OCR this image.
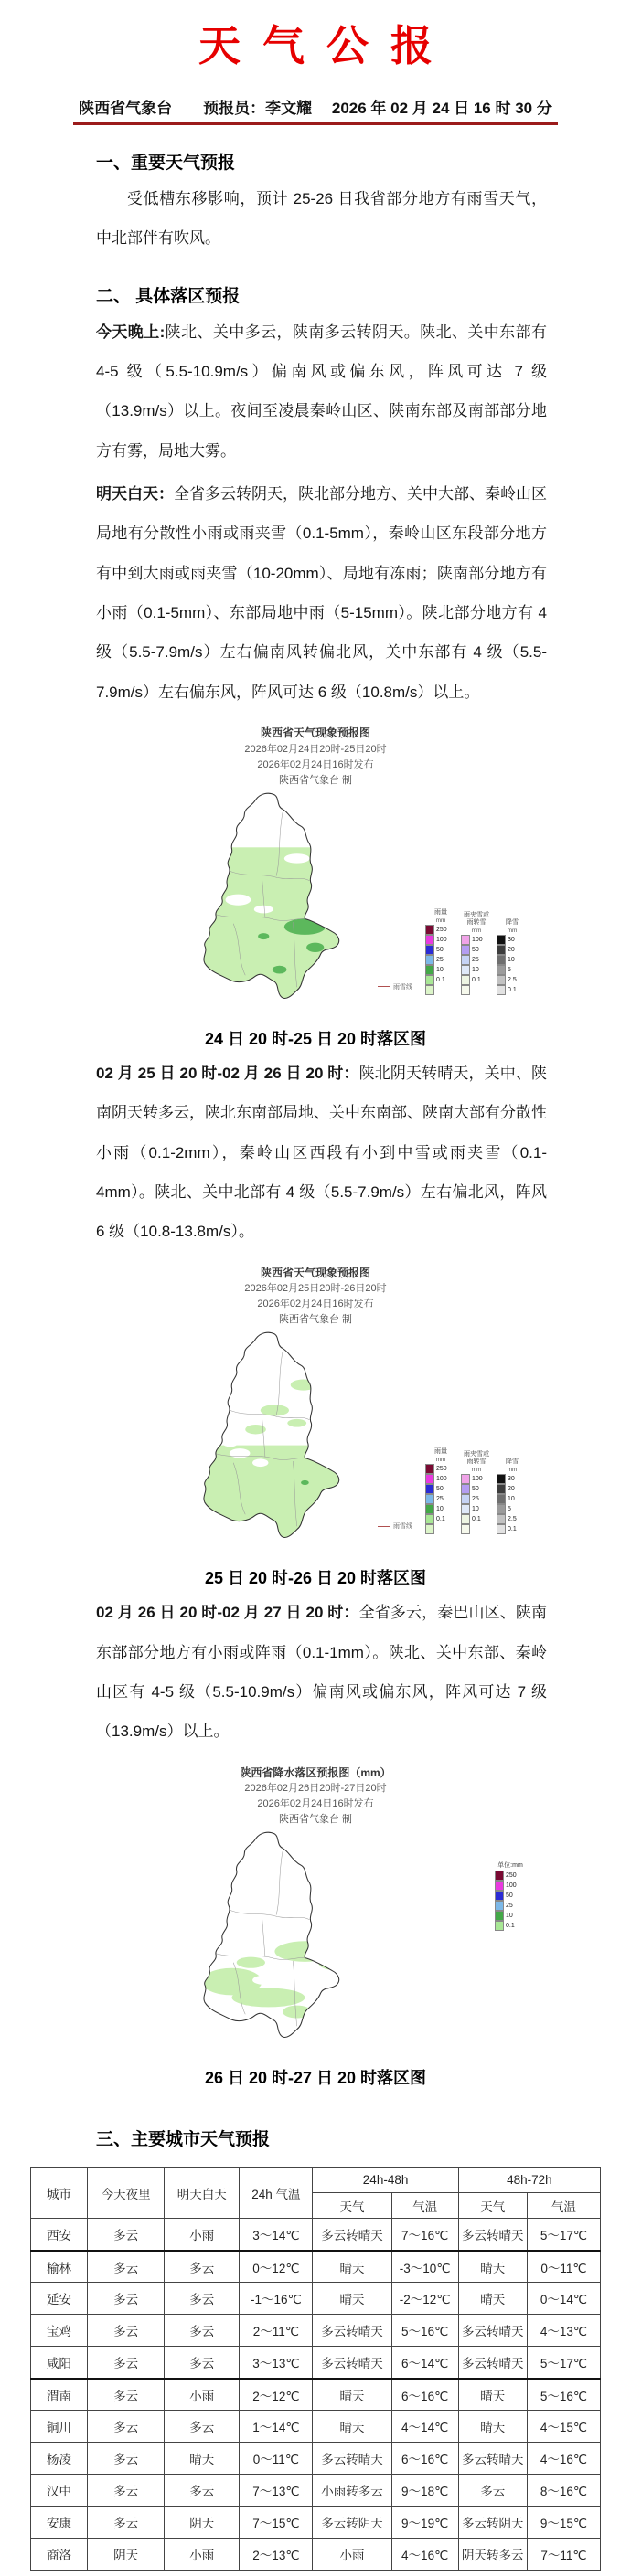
天气公报
陕西省气象台　　预报员：李文耀　 2026 年 02 月 24 日 16 时 30 分
一、重要天气预报

受低槽东移影响，预计 25-26 日我省部分地方有雨雪天气，中北部伴有吹风。

二、 具体落区预报

今天晚上:陕北、关中多云，陕南多云转阴天。陕北、关中东部有 4-5 级（5.5-10.9m/s）偏南风或偏东风，阵风可达 7 级（13.9m/s）以上。夜间至凌晨秦岭山区、陕南东部及南部部分地方有雾，局地大雾。

明天白天：全省多云转阴天，陕北部分地方、关中大部、秦岭山区局地有分散性小雨或雨夹雪（0.1-5mm），秦岭山区东段部分地方有中到大雨或雨夹雪（10-20mm）、局地有冻雨；陕南部分地方有小雨（0.1-5mm）、东部局地中雨（5-15mm）。陕北部分地方有 4 级（5.5-7.9m/s）左右偏南风转偏北风，关中东部有 4 级（5.5-7.9m/s）左右偏东风，阵风可达 6 级（10.8m/s）以上。

陕西省天气现象预报图
2026年02月24日20时-25日20时
2026年02月24日16时发布
陕西省气象台 制
雨雪线
雨量
mm
250
100
50
25
10
0.1
雨夹雪或雨转雪
mm
100
50
25
10
0.1
降雪
mm
30
20
10
5
2.5
0.1
24 日 20 时-25 日 20 时落区图

02 月 25 日 20 时-02 月 26 日 20 时：陕北阴天转晴天，关中、陕南阴天转多云，陕北东南部局地、关中东南部、陕南大部有分散性小雨（0.1-2mm），秦岭山区西段有小到中雪或雨夹雪（0.1-4mm）。陕北、关中北部有 4 级（5.5-7.9m/s）左右偏北风，阵风 6 级（10.8-13.8m/s）。

陕西省天气现象预报图
2026年02月25日20时-26日20时
2026年02月24日16时发布
陕西省气象台 制
雨雪线
雨量
mm
250
100
50
25
10
0.1
雨夹雪或雨转雪
mm
100
50
25
10
0.1
降雪
mm
30
20
10
5
2.5
0.1
25 日 20 时-26 日 20 时落区图

02 月 26 日 20 时-02 月 27 日 20 时：全省多云，秦巴山区、陕南东部部分地方有小雨或阵雨（0.1-1mm）。陕北、关中东部、秦岭山区有 4-5 级（5.5-10.9m/s）偏南风或偏东风，阵风可达 7 级（13.9m/s）以上。

陕西省降水落区预报图（mm）
2026年02月26日20时-27日20时
2026年02月24日16时发布
陕西省气象台 制
单位:mm
250
100
50
25
10
0.1
26 日 20 时-27 日 20 时落区图
三、主要城市天气预报
城市	今天夜里	明天白天	24h 气温	24h-48h		48h-72h	
				天气	气温	天气	气温
西安	多云	小雨	3～14℃	多云转晴天	7～16℃	多云转晴天	5～17℃
榆林	多云	多云	0～12℃	晴天	-3～10℃	晴天	0～11℃
延安	多云	多云	-1～16℃	晴天	-2～12℃	晴天	0～14℃
宝鸡	多云	多云	2～11℃	多云转晴天	5～16℃	多云转晴天	4～13℃
咸阳	多云	多云	3～13℃	多云转晴天	6～14℃	多云转晴天	5～17℃
渭南	多云	小雨	2～12℃	晴天	6～16℃	晴天	5～16℃
铜川	多云	多云	1～14℃	晴天	4～14℃	晴天	4～15℃
杨凌	多云	晴天	0～11℃	多云转晴天	6～16℃	多云转晴天	4～16℃
汉中	多云	多云	7～13℃	小雨转多云	9～18℃	多云	8～16℃
安康	多云	阴天	7～15℃	多云转阴天	9～19℃	多云转阴天	9～15℃
商洛	阴天	小雨	2～13℃	小雨	4～16℃	阴天转多云	7～11℃
